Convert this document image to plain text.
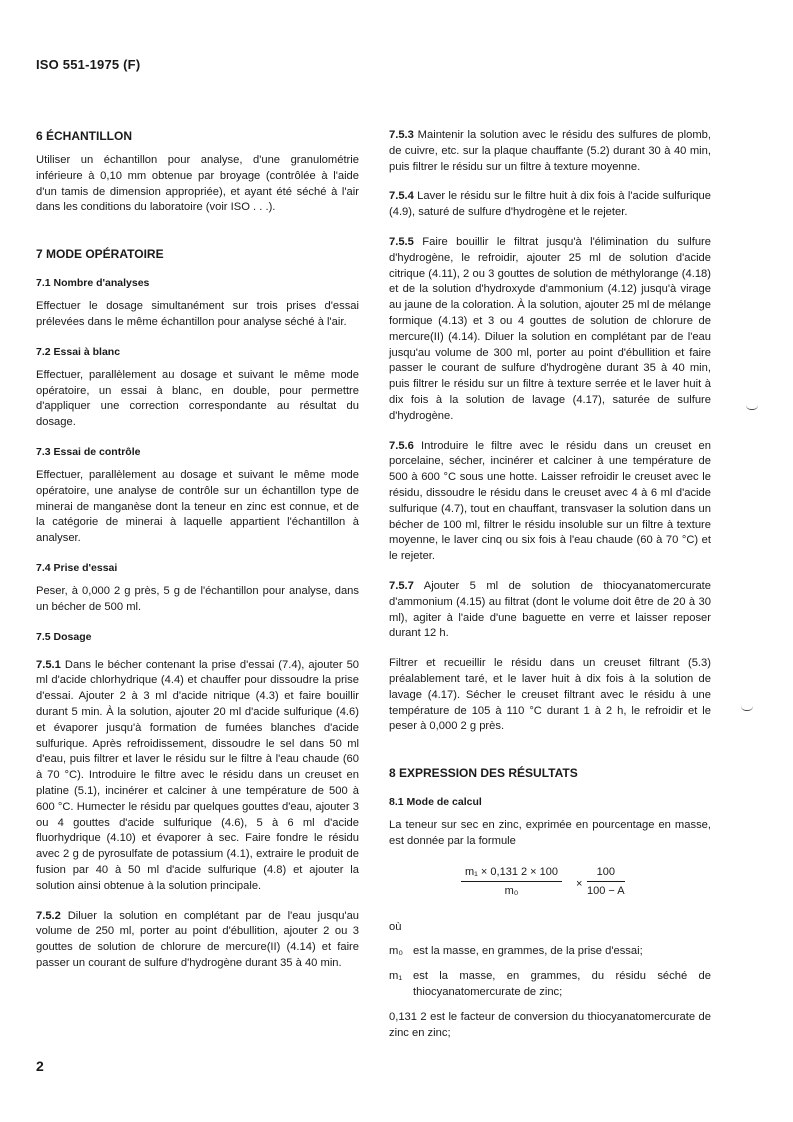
ISO 551-1975 (F)
6 ÉCHANTILLON

Utiliser un échantillon pour analyse, d'une granulométrie inférieure à 0,10 mm obtenue par broyage (contrôlée à l'aide d'un tamis de dimension appropriée), et ayant été séché à l'air dans les conditions du laboratoire (voir ISO . . .).

7 MODE OPÉRATOIRE
7.1 Nombre d'analyses

Effectuer le dosage simultanément sur trois prises d'essai prélevées dans le même échantillon pour analyse séché à l'air.

7.2 Essai à blanc

Effectuer, parallèlement au dosage et suivant le même mode opératoire, un essai à blanc, en double, pour permettre d'appliquer une correction correspondante au résultat du dosage.

7.3 Essai de contrôle

Effectuer, parallèlement au dosage et suivant le même mode opératoire, une analyse de contrôle sur un échantillon type de minerai de manganèse dont la teneur en zinc est connue, et de la catégorie de minerai à laquelle appartient l'échantillon à analyser.

7.4 Prise d'essai

Peser, à 0,000 2 g près, 5 g de l'échantillon pour analyse, dans un bécher de 500 ml.

7.5 Dosage

7.5.1 Dans le bécher contenant la prise d'essai (7.4), ajouter 50 ml d'acide chlorhydrique (4.4) et chauffer pour dissoudre la prise d'essai. Ajouter 2 à 3 ml d'acide nitrique (4.3) et faire bouillir durant 5 min. À la solution, ajouter 20 ml d'acide sulfurique (4.6) et évaporer jusqu'à formation de fumées blanches d'acide sulfurique. Après refroidissement, dissoudre le sel dans 50 ml d'eau, puis filtrer et laver le résidu sur le filtre à l'eau chaude (60 à 70 °C). Introduire le filtre avec le résidu dans un creuset en platine (5.1), incinérer et calciner à une température de 500 à 600 °C. Humecter le résidu par quelques gouttes d'eau, ajouter 3 ou 4 gouttes d'acide sulfurique (4.6), 5 à 6 ml d'acide fluorhydrique (4.10) et évaporer à sec. Faire fondre le résidu avec 2 g de pyrosulfate de potassium (4.1), extraire le produit de fusion par 40 à 50 ml d'acide sulfurique (4.8) et ajouter la solution ainsi obtenue à la solution principale.

7.5.2 Diluer la solution en complétant par de l'eau jusqu'au volume de 250 ml, porter au point d'ébullition, ajouter 2 ou 3 gouttes de solution de chlorure de mercure(II) (4.14) et faire passer un courant de sulfure d'hydrogène durant 35 à 40 min.

7.5.3 Maintenir la solution avec le résidu des sulfures de plomb, de cuivre, etc. sur la plaque chauffante (5.2) durant 30 à 40 min, puis filtrer le résidu sur un filtre à texture moyenne.

7.5.4 Laver le résidu sur le filtre huit à dix fois à l'acide sulfurique (4.9), saturé de sulfure d'hydrogène et le rejeter.

7.5.5 Faire bouillir le filtrat jusqu'à l'élimination du sulfure d'hydrogène, le refroidir, ajouter 25 ml de solution d'acide citrique (4.11), 2 ou 3 gouttes de solution de méthylorange (4.18) et de la solution d'hydroxyde d'ammonium (4.12) jusqu'à virage au jaune de la coloration. À la solution, ajouter 25 ml de mélange formique (4.13) et 3 ou 4 gouttes de solution de chlorure de mercure(II) (4.14). Diluer la solution en complétant par de l'eau jusqu'au volume de 300 ml, porter au point d'ébullition et faire passer le courant de sulfure d'hydrogène durant 35 à 40 min, puis filtrer le résidu sur un filtre à texture serrée et le laver huit à dix fois à la solution de lavage (4.17), saturée de sulfure d'hydrogène.

7.5.6 Introduire le filtre avec le résidu dans un creuset en porcelaine, sécher, incinérer et calciner à une température de 500 à 600 °C sous une hotte. Laisser refroidir le creuset avec le résidu, dissoudre le résidu dans le creuset avec 4 à 6 ml d'acide sulfurique (4.7), tout en chauffant, transvaser la solution dans un bécher de 100 ml, filtrer le résidu insoluble sur un filtre à texture moyenne, le laver cinq ou six fois à l'eau chaude (60 à 70 °C) et le rejeter.

7.5.7 Ajouter 5 ml de solution de thiocyanatomercurate d'ammonium (4.15) au filtrat (dont le volume doit être de 20 à 30 ml), agiter à l'aide d'une baguette en verre et laisser reposer durant 12 h.

Filtrer et recueillir le résidu dans un creuset filtrant (5.3) préalablement taré, et le laver huit à dix fois à la solution de lavage (4.17). Sécher le creuset filtrant avec le résidu à une température de 105 à 110 °C durant 1 à 2 h, le refroidir et le peser à 0,000 2 g près.

8 EXPRESSION DES RÉSULTATS
8.1 Mode de calcul

La teneur sur sec en zinc, exprimée en pourcentage en masse, est donnée par la formule

$\frac{\text{m₁ × 0,131 2 × 100}}{\text{m₀}} \times \frac{100}{100 - A}$

où

m₀ est la masse, en grammes, de la prise d'essai;
m₁ est la masse, en grammes, du résidu séché de thiocyanatomercurate de zinc;

0,131 2 est le facteur de conversion du thiocyanatomercurate de zinc en zinc;

2
